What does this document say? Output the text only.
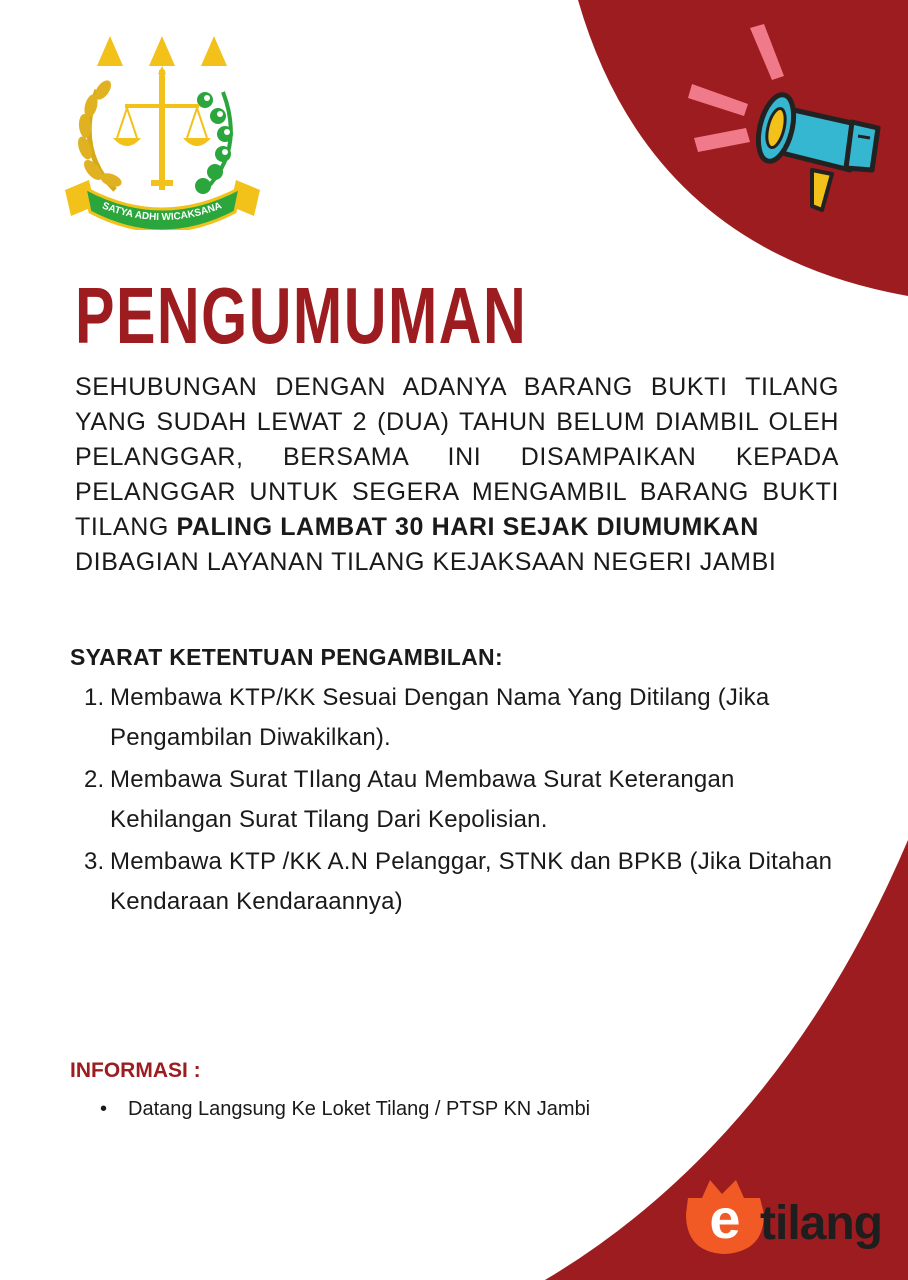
SATYA ADHI WICAKSANA
PENGUMUMAN

SEHUBUNGAN DENGAN ADANYA BARANG BUKTI TILANG YANG SUDAH LEWAT 2 (DUA) TAHUN BELUM DIAMBIL OLEH PELANGGAR, BERSAMA INI DISAMPAIKAN KEPADA PELANGGAR UNTUK SEGERA MENGAMBIL BARANG BUKTI TILANG PALING LAMBAT 30 HARI SEJAK DIUMUMKAN
DIBAGIAN LAYANAN TILANG KEJAKSAAN NEGERI JAMBI

SYARAT KETENTUAN PENGAMBILAN:
1. Membawa KTP/KK Sesuai Dengan Nama Yang Ditilang (Jika Pengambilan Diwakilkan).
2. Membawa Surat TIlang Atau Membawa Surat Keterangan Kehilangan Surat Tilang Dari Kepolisian.
3. Membawa KTP /KK A.N Pelanggar, STNK dan BPKB (Jika Ditahan Kendaraan Kendaraannya)
INFORMASI :
• Datang Langsung Ke Loket Tilang / PTSP KN Jambi
e tilang
